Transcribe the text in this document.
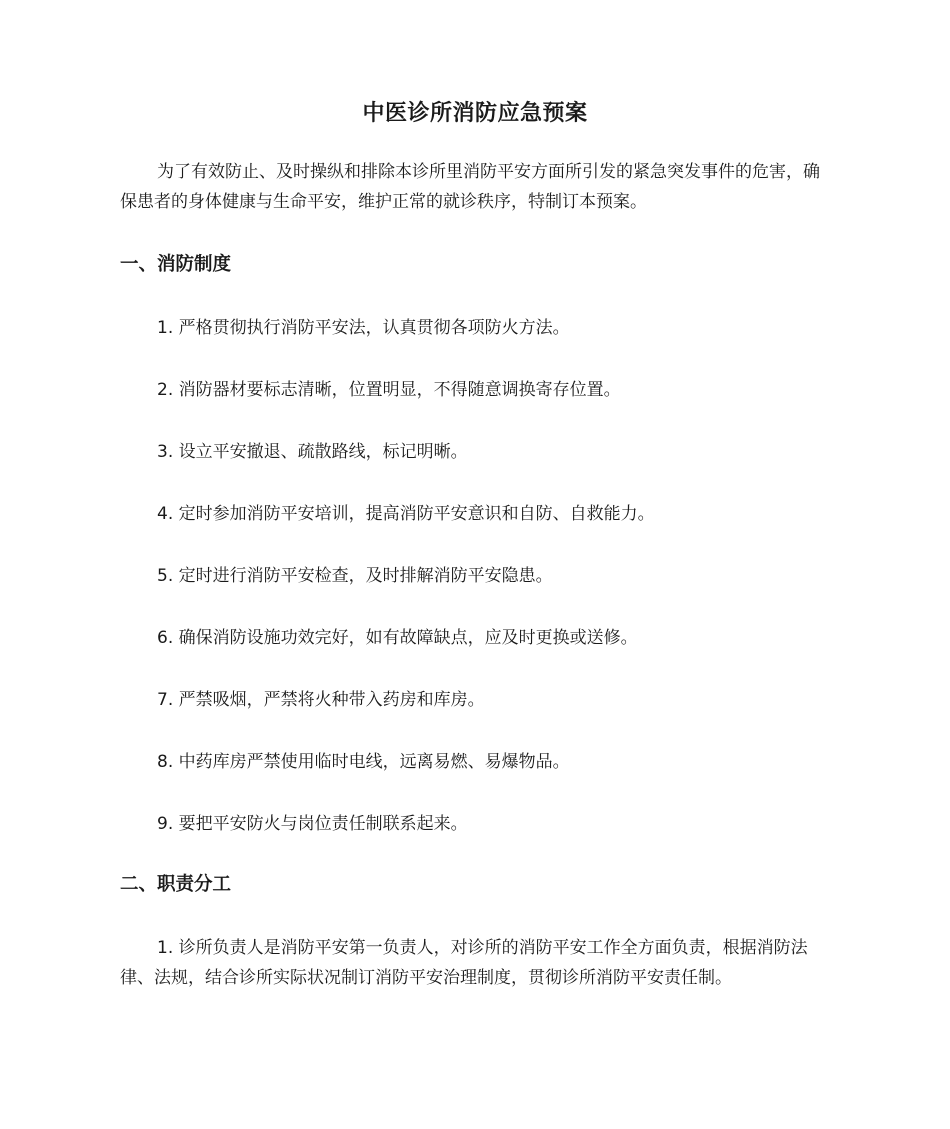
中医诊所消防应急预案

为了有效防止、及时操纵和排除本诊所里消防平安方面所引发的紧急突发事件的危害，确保患者的身体健康与生命平安，维护正常的就诊秩序，特制订本预案。

一、消防制度

1. 严格贯彻执行消防平安法，认真贯彻各项防火方法。

2. 消防器材要标志清晰，位置明显，不得随意调换寄存位置。

3. 设立平安撤退、疏散路线，标记明晰。

4. 定时参加消防平安培训，提高消防平安意识和自防、自救能力。

5. 定时进行消防平安检查，及时排解消防平安隐患。

6. 确保消防设施功效完好，如有故障缺点，应及时更换或送修。

7. 严禁吸烟，严禁将火种带入药房和库房。

8. 中药库房严禁使用临时电线，远离易燃、易爆物品。

9. 要把平安防火与岗位责任制联系起来。

二、职责分工

1. 诊所负责人是消防平安第一负责人，对诊所的消防平安工作全方面负责，根据消防法律、法规，结合诊所实际状况制订消防平安治理制度，贯彻诊所消防平安责任制。
